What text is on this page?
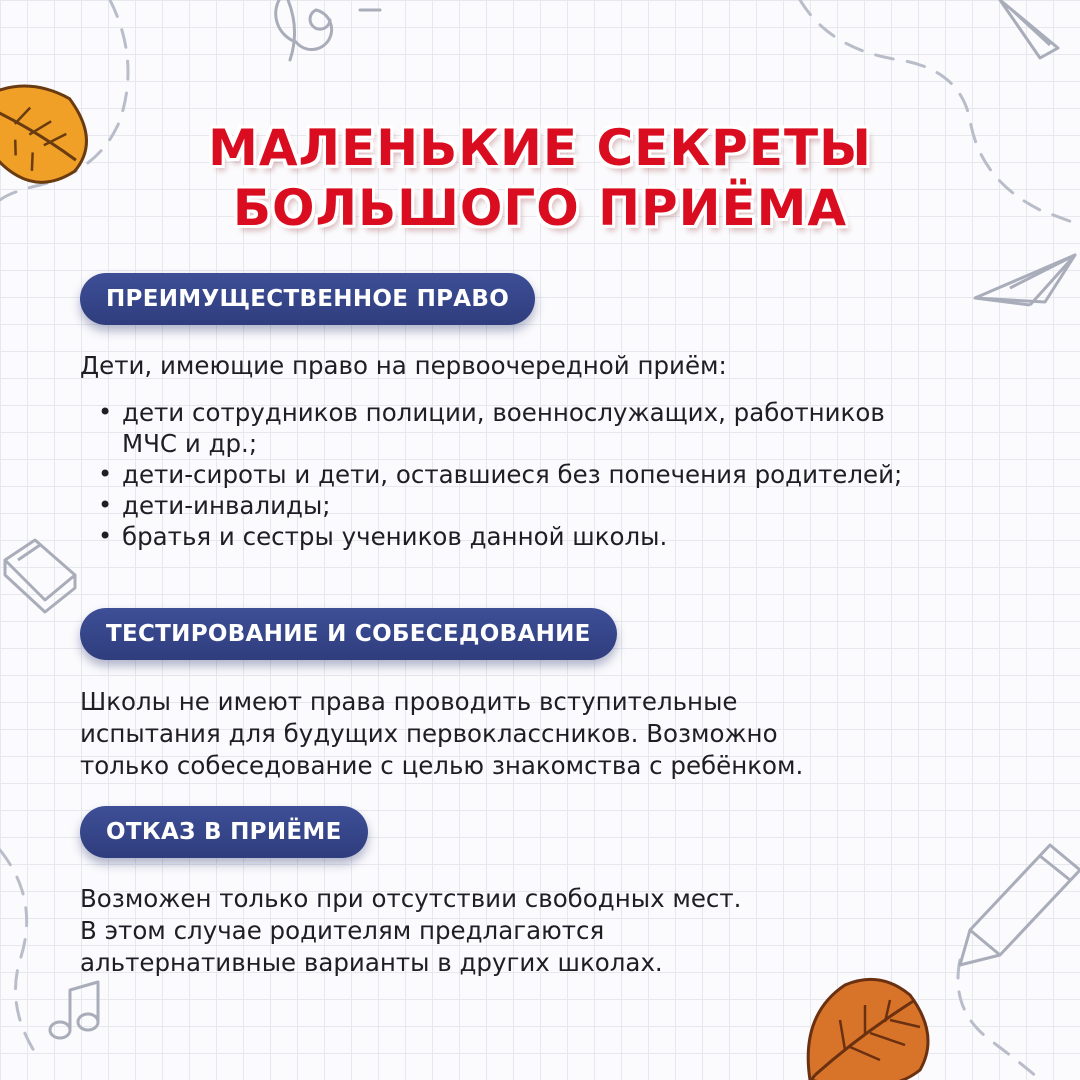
МАЛЕНЬКИЕ СЕКРЕТЫ
БОЛЬШОГО ПРИЁМА
ПРЕИМУЩЕСТВЕННОЕ ПРАВО
Дети, имеющие право на первоочередной приём:
• дети сотрудников полиции, военнослужащих, работников МЧС и др.;
• дети-сироты и дети, оставшиеся без попечения родителей;
• дети-инвалиды;
• братья и сестры учеников данной школы.
ТЕСТИРОВАНИЕ И СОБЕСЕДОВАНИЕ
Школы не имеют права проводить вступительные
испытания для будущих первоклассников. Возможно
только собеседование с целью знакомства с ребёнком.
ОТКАЗ В ПРИЁМЕ
Возможен только при отсутствии свободных мест.
В этом случае родителям предлагаются
альтернативные варианты в других школах.
